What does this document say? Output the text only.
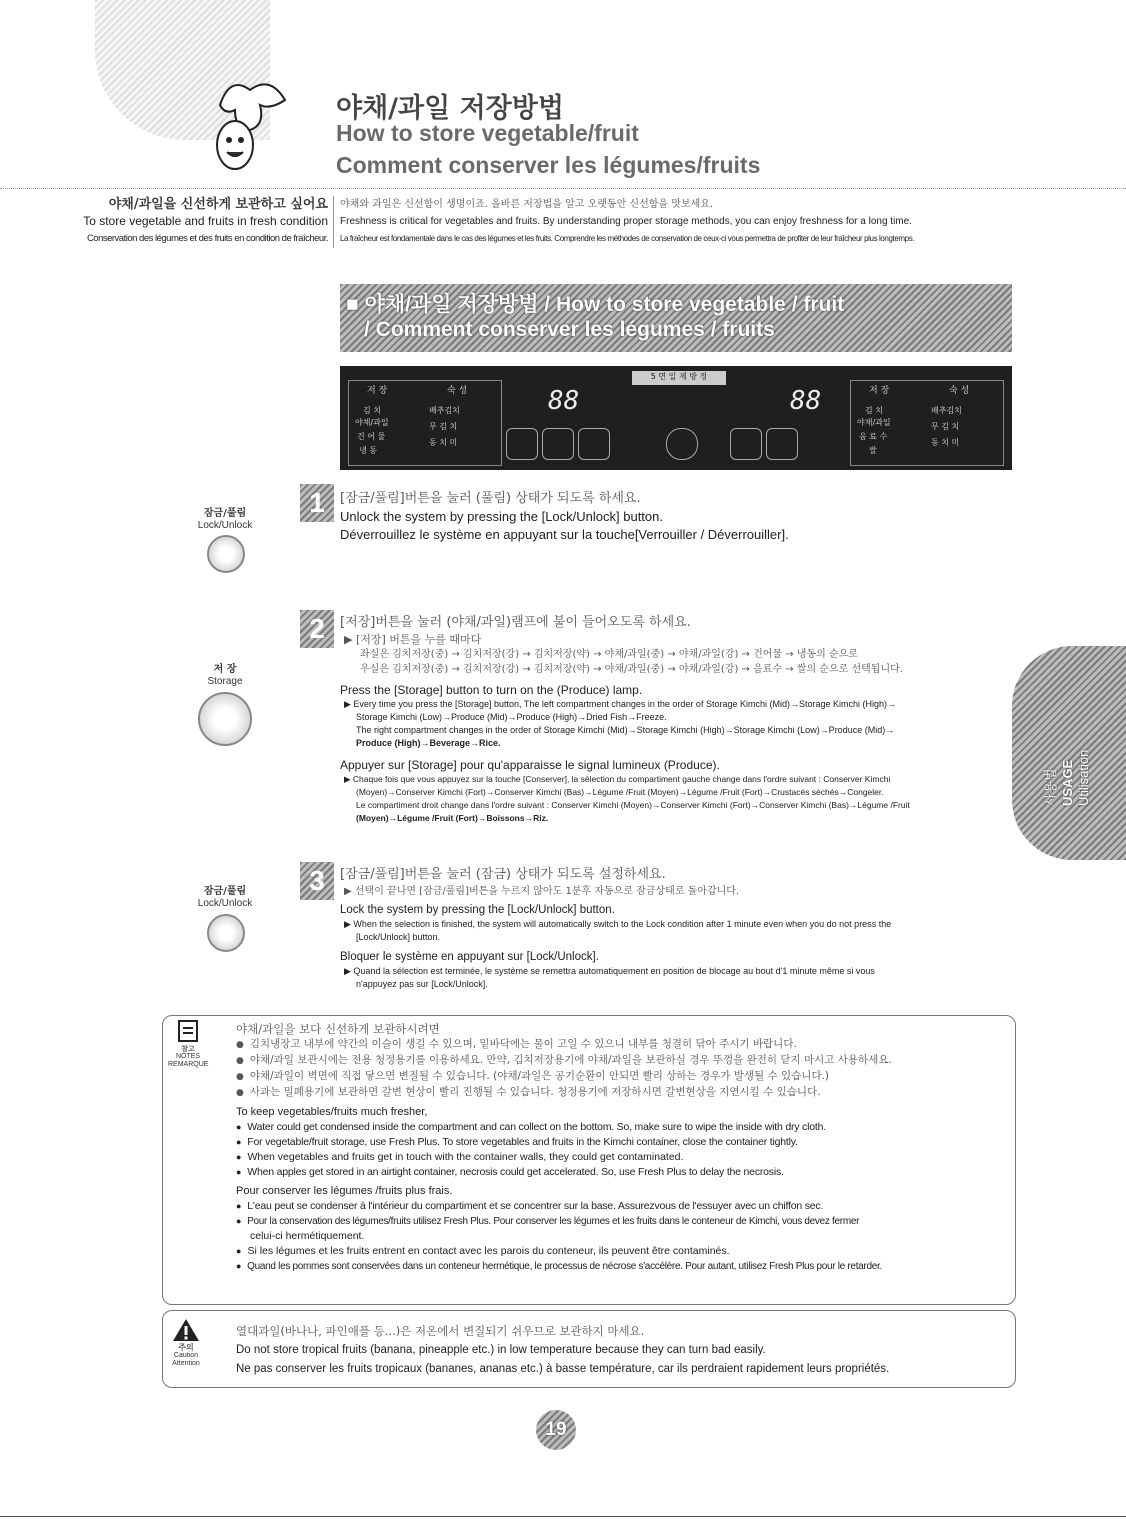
야채/과일 저장방법
How to store vegetable/fruit
Comment conserver les légumes/fruits
야채/과일을 신선하게 보관하고 싶어요
To store vegetable and fruits in fresh condition
Conservation des légumes et des fruits en condition de fraîcheur.
야채와 과일은 신선함이 생명이죠. 올바른 저장법을 알고 오랫동안 신선함을 맛보세요.
Freshness is critical for vegetables and fruits. By understanding proper storage methods, you can enjoy freshness for a long time.
La fraîcheur est fondamentale dans le cas des légumes et les fruits. Comprendre les méthodes de conservation de ceux-ci vous permettra de profiter de leur fraîcheur plus longtemps.
■ 야채/과일 저장방법 / How to store vegetable / fruit
/ Comment conserver les légumes / fruits
저 장	숙 성
김 치
야채/과일
건 어 물
냉 동
배추김치
무 김 치
동 치 미
5 면 일 제 방 정
88	88	저 장	숙 성
김 치
야채/과일
음 료 수
쌀
배추김치
무 김 치
동 치 미
잠금/풀림
Lock/Unlock
1	[잠금/풀림]버튼을 눌러 (풀림) 상태가 되도록 하세요.
Unlock the system by pressing the [Lock/Unlock] button.
Déverrouillez le système en appuyant sur la touche[Verrouiller / Déverrouiller].
저 장
Storage
2	[저장]버튼을 눌러 (야채/과일)램프에 불이 들어오도록 하세요.
▶ [저장] 버튼을 누를 때마다
좌실은 김치저장(중) → 김치저장(강) → 김치저장(약) → 야채/과일(중) → 야채/과일(강) → 건어물 → 냉동의 순으로
우실은 김치저장(중) → 김치저장(강) → 김치저장(약) → 야채/과일(중) → 야채/과일(강) → 음료수 → 쌀의 순으로 선택됩니다.
Press the [Storage] button to turn on the (Produce) lamp.
▶ Every time you press the [Storage] button, The left compartment changes in the order of Storage Kimchi (Mid)→Storage Kimchi (High)→
Storage Kimchi (Low)→Produce (Mid)→Produce (High)→Dried Fish→Freeze.
The right compartment changes in the order of Storage Kimchi (Mid)→Storage Kimchi (High)→Storage Kimchi (Low)→Produce (Mid)→
Produce (High)→Beverage→Rice.
Appuyer sur [Storage] pour qu'apparaisse le signal lumineux (Produce).
▶ Chaque fois que vous appuyez sur la touche [Conserver], la sélection du compartiment gauche change dans l'ordre suivant : Conserver Kimchi
(Moyen)→Conserver Kimchi (Fort)→Conserver Kimchi (Bas)→Légume /Fruit (Moyen)→Légume /Fruit (Fort)→Crustacés séchés→Congeler.
Le compartiment droit change dans l'ordre suivant : Conserver Kimchi (Moyen)→Conserver Kimchi (Fort)→Conserver Kimchi (Bas)→Légume /Fruit
(Moyen)→Légume /Fruit (Fort)→Boissons→Riz.
잠금/풀림
Lock/Unlock
3	[잠금/풀림]버튼을 눌러 (잠금) 상태가 되도록 설정하세요.
▶ 선택이 끝나면 [잠금/풀림]버튼을 누르지 않아도 1분후 자동으로 잠금상태로 돌아갑니다.
Lock the system by pressing the [Lock/Unlock] button.
▶ When the selection is finished, the system will automatically switch to the Lock condition after 1 minute even when you do not press the
[Lock/Unlock] button.
Bloquer le système en appuyant sur [Lock/Unlock].
▶ Quand la sélection est terminée, le système se remettra automatiquement en position de blocage au bout d'1 minute même si vous
n'appuyez pas sur [Lock/Unlock].
사용법 USAGE Utilisation
참고
NOTES
REMARQUE
야채/과일을 보다 신선하게 보관하시려면
● 김치냉장고 내부에 약간의 이슬이 생길 수 있으며, 밑바닥에는 물이 고일 수 있으니 내부를 청결히 닦아 주시기 바랍니다.
● 야채/과일 보관시에는 전용 청정용기를 이용하세요. 만약, 김치저장용기에 야채/과일을 보관하실 경우 뚜껑을 완전히 닫지 마시고 사용하세요.
● 야채/과일이 벽면에 직접 닿으면 변질될 수 있습니다. (야채/과일은 공기순환이 안되면 빨리 상하는 경우가 발생될 수 있습니다.)
● 사과는 밀폐용기에 보관하면 갈변 현상이 빨리 진행될 수 있습니다. 청정용기에 저장하시면 갈변현상을 지연시킬 수 있습니다.
To keep vegetables/fruits much fresher,
● Water could get condensed inside the compartment and can collect on the bottom. So, make sure to wipe the inside with dry cloth.
● For vegetable/fruit storage, use Fresh Plus. To store vegetables and fruits in the Kimchi container, close the container tightly.
● When vegetables and fruits get in touch with the container walls, they could get contaminated.
● When apples get stored in an airtight container, necrosis could get accelerated. So, use Fresh Plus to delay the necrosis.
Pour conserver les légumes /fruits plus frais.
● L'eau peut se condenser à l'intérieur du compartiment et se concentrer sur la base. Assurezvous de l'essuyer avec un chiffon sec.
● Pour la conservation des légumes/fruits utilisez Fresh Plus. Pour conserver les légumes et les fruits dans le conteneur de Kimchi, vous devez fermer
celui-ci hermétiquement.
● Si les légumes et les fruits entrent en contact avec les parois du conteneur, ils peuvent être contaminés.
● Quand les pommes sont conservées dans un conteneur hermétique, le processus de nécrose s'accélère. Pour autant, utilisez Fresh Plus pour le retarder.
주의
Caution
Attention
열대과일(바나나, 파인애플 등...)은 저온에서 변질되기 쉬우므로 보관하지 마세요.
Do not store tropical fruits (banana, pineapple etc.) in low temperature because they can turn bad easily.
Ne pas conserver les fruits tropicaux (bananes, ananas etc.) à basse température, car ils perdraient rapidement leurs propriétés.
19
